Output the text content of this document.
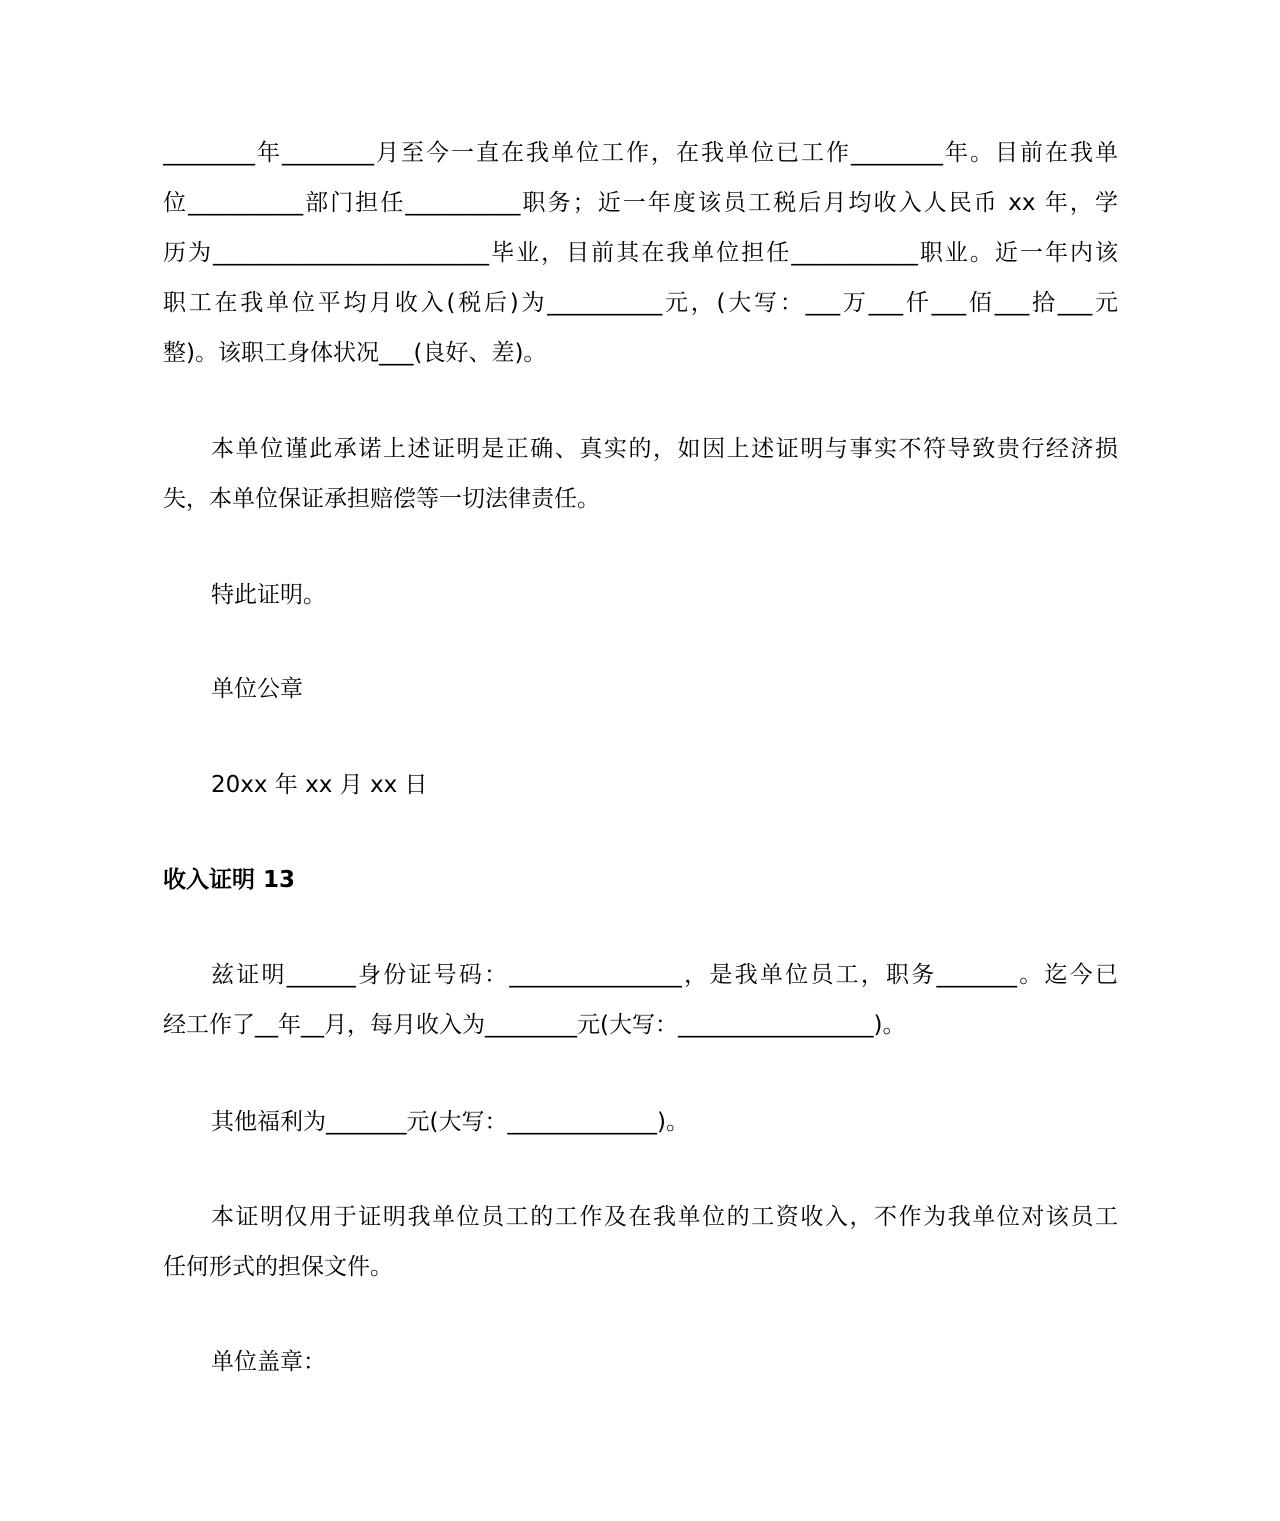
________年________月至今一直在我单位工作，在我单位已工作________年。目前在我单
位__________部门担任__________职务；近一年度该员工税后月均收入人民币 xx 年，学
历为________________________毕业，目前其在我单位担任___________职业。近一年内该
职工在我单位平均月收入(税后)为__________元，(大写：___万___仟___佰___拾___元
整)。该职工身体状况___(良好、差)。
本单位谨此承诺上述证明是正确、真实的，如因上述证明与事实不符导致贵行经济损
失，本单位保证承担赔偿等一切法律责任。
特此证明。
单位公章
20xx 年 xx 月 xx 日
收入证明 13
兹证明______身份证号码：_______________，是我单位员工，职务_______。迄今已
经工作了__年__月，每月收入为________元(大写：_________________)。
其他福利为_______元(大写：_____________)。
本证明仅用于证明我单位员工的工作及在我单位的工资收入，不作为我单位对该员工
任何形式的担保文件。
单位盖章：
